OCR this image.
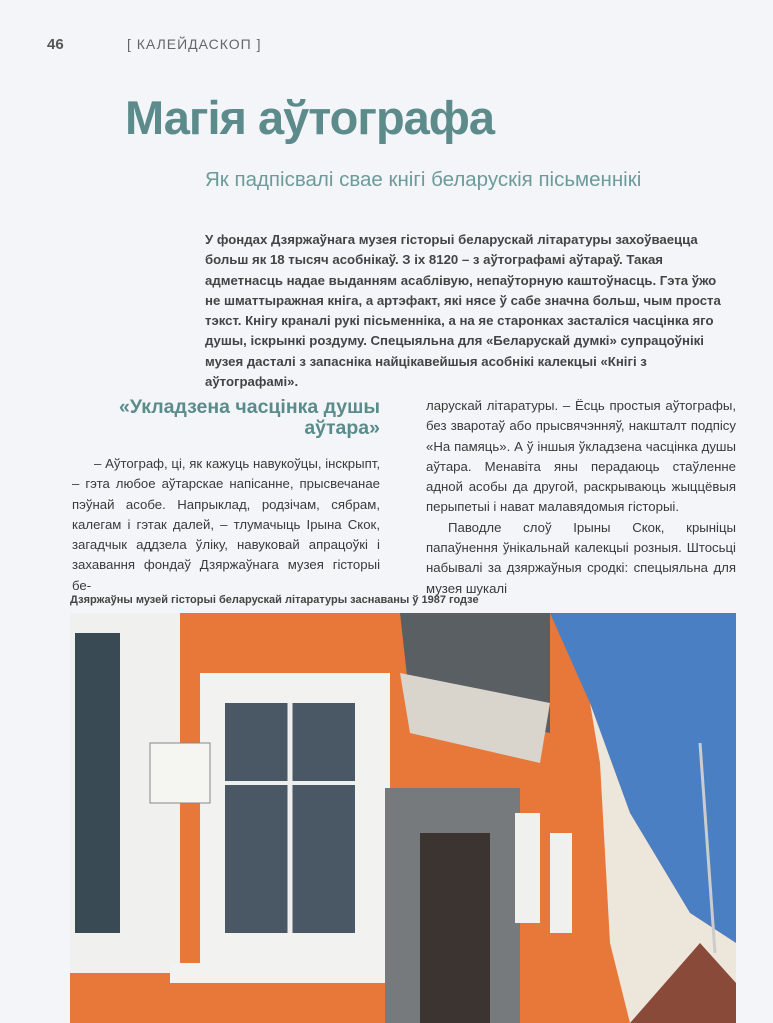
46	[ КАЛЕЙДАСКОП ]
Магія аўтографа
Як падпісвалі свае кнігі беларускія пісьменнікі

У фондах Дзяржаўнага музея гісторыі беларускай літаратуры захоўваецца больш як 18 тысяч асобнікаў. З іх 8120 – з аўтографамі аўтараў. Такая адметнасць надае выданням асаблівую, непаўторную каштоўнасць. Гэта ўжо не шматтыражная кніга, а артэфакт, які нясе ў сабе значна больш, чым проста тэкст. Кнігу краналі рукі пісьменніка, а на яе старонках засталіся часцінка яго душы, іскрынкі роздуму. Спецыяльна для «Беларускай думкі» супрацоўнікі музея дасталі з запасніка найцікавейшыя асобнікі калекцыі «Кнігі з аўтографамі».

«Укладзена часцінка душы аўтара»

– Аўтограф, ці, як кажуць навукоўцы, інскрыпт, – гэта любое аўтарскае напісанне, прысвечанае пэўнай асобе. Напрыклад, родзічам, сябрам, калегам і гэтак далей, – тлумачыць Ірына Скок, загадчык аддзела ўліку, навуковай апрацоўкі і захавання фондаў Дзяржаўнага музея гісторыі бе-

ларускай літаратуры. – Ёсць простыя аўтографы, без зваротаў або прысвячэнняў, накшталт подпісу «На памяць». А ў іншыя ўкладзена часцінка душы аўтара. Менавіта яны перадаюць стаўленне адной асобы да другой, раскрываюць жыццёвыя перыпетыі і нават малавядомыя гісторыі.

Паводле слоў Ірыны Скок, крыніцы папаўнення ўнікальнай калекцыі розныя. Штосьці набывалі за дзяржаўныя сродкі: спецыяльна для музея шукалі

Дзяржаўны музей гісторыі беларускай літаратуры заснаваны ў 1987 годзе
